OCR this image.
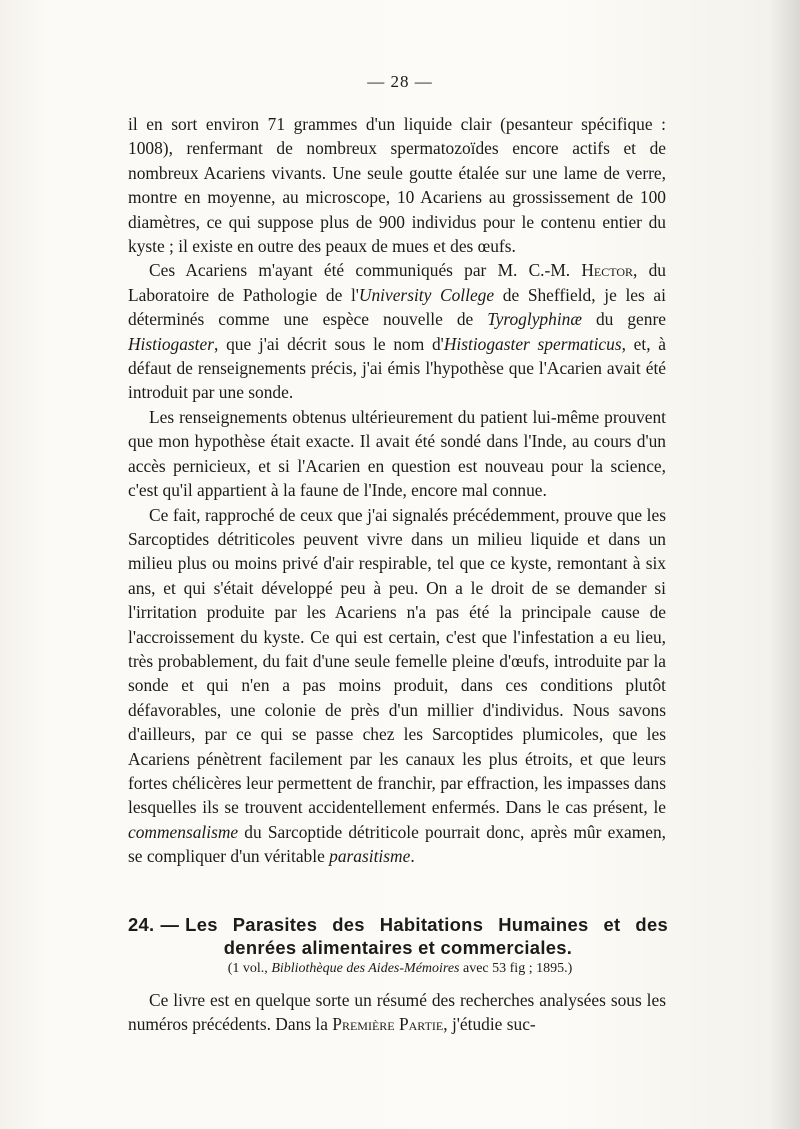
— 28 —

il en sort environ 71 grammes d'un liquide clair (pesanteur spécifique : 1008), renfermant de nombreux spermatozoïdes encore actifs et de nombreux Acariens vivants. Une seule goutte étalée sur une lame de verre, montre en moyenne, au microscope, 10 Acariens au grossissement de 100 diamètres, ce qui suppose plus de 900 individus pour le contenu entier du kyste ; il existe en outre des peaux de mues et des œufs.

Ces Acariens m'ayant été communiqués par M. C.-M. Hector, du Laboratoire de Pathologie de l'University College de Sheffield, je les ai déterminés comme une espèce nouvelle de Tyroglyphinæ du genre Histiogaster, que j'ai décrit sous le nom d'Histiogaster spermaticus, et, à défaut de renseignements précis, j'ai émis l'hypothèse que l'Acarien avait été introduit par une sonde.

Les renseignements obtenus ultérieurement du patient lui-même prouvent que mon hypothèse était exacte. Il avait été sondé dans l'Inde, au cours d'un accès pernicieux, et si l'Acarien en question est nouveau pour la science, c'est qu'il appartient à la faune de l'Inde, encore mal connue.

Ce fait, rapproché de ceux que j'ai signalés précédemment, prouve que les Sarcoptides détriticoles peuvent vivre dans un milieu liquide et dans un milieu plus ou moins privé d'air respirable, tel que ce kyste, remontant à six ans, et qui s'était développé peu à peu. On a le droit de se demander si l'irritation produite par les Acariens n'a pas été la principale cause de l'accroissement du kyste. Ce qui est certain, c'est que l'infestation a eu lieu, très probablement, du fait d'une seule femelle pleine d'œufs, introduite par la sonde et qui n'en a pas moins produit, dans ces conditions plutôt défavorables, une colonie de près d'un millier d'individus. Nous savons d'ailleurs, par ce qui se passe chez les Sarcoptides plumicoles, que les Acariens pénètrent facilement par les canaux les plus étroits, et que leurs fortes chélicères leur permettent de franchir, par effraction, les impasses dans lesquelles ils se trouvent accidentellement enfermés. Dans le cas présent, le commensalisme du Sarcoptide détriticole pourrait donc, après mûr examen, se compliquer d'un véritable parasitisme.

24. — Les Parasites des Habitations Humaines et des
denrées alimentaires et commerciales.
(1 vol., Bibliothèque des Aides-Mémoires avec 53 fig ; 1895.)

Ce livre est en quelque sorte un résumé des recherches analysées sous les numéros précédents. Dans la Première Partie, j'étudie suc-
